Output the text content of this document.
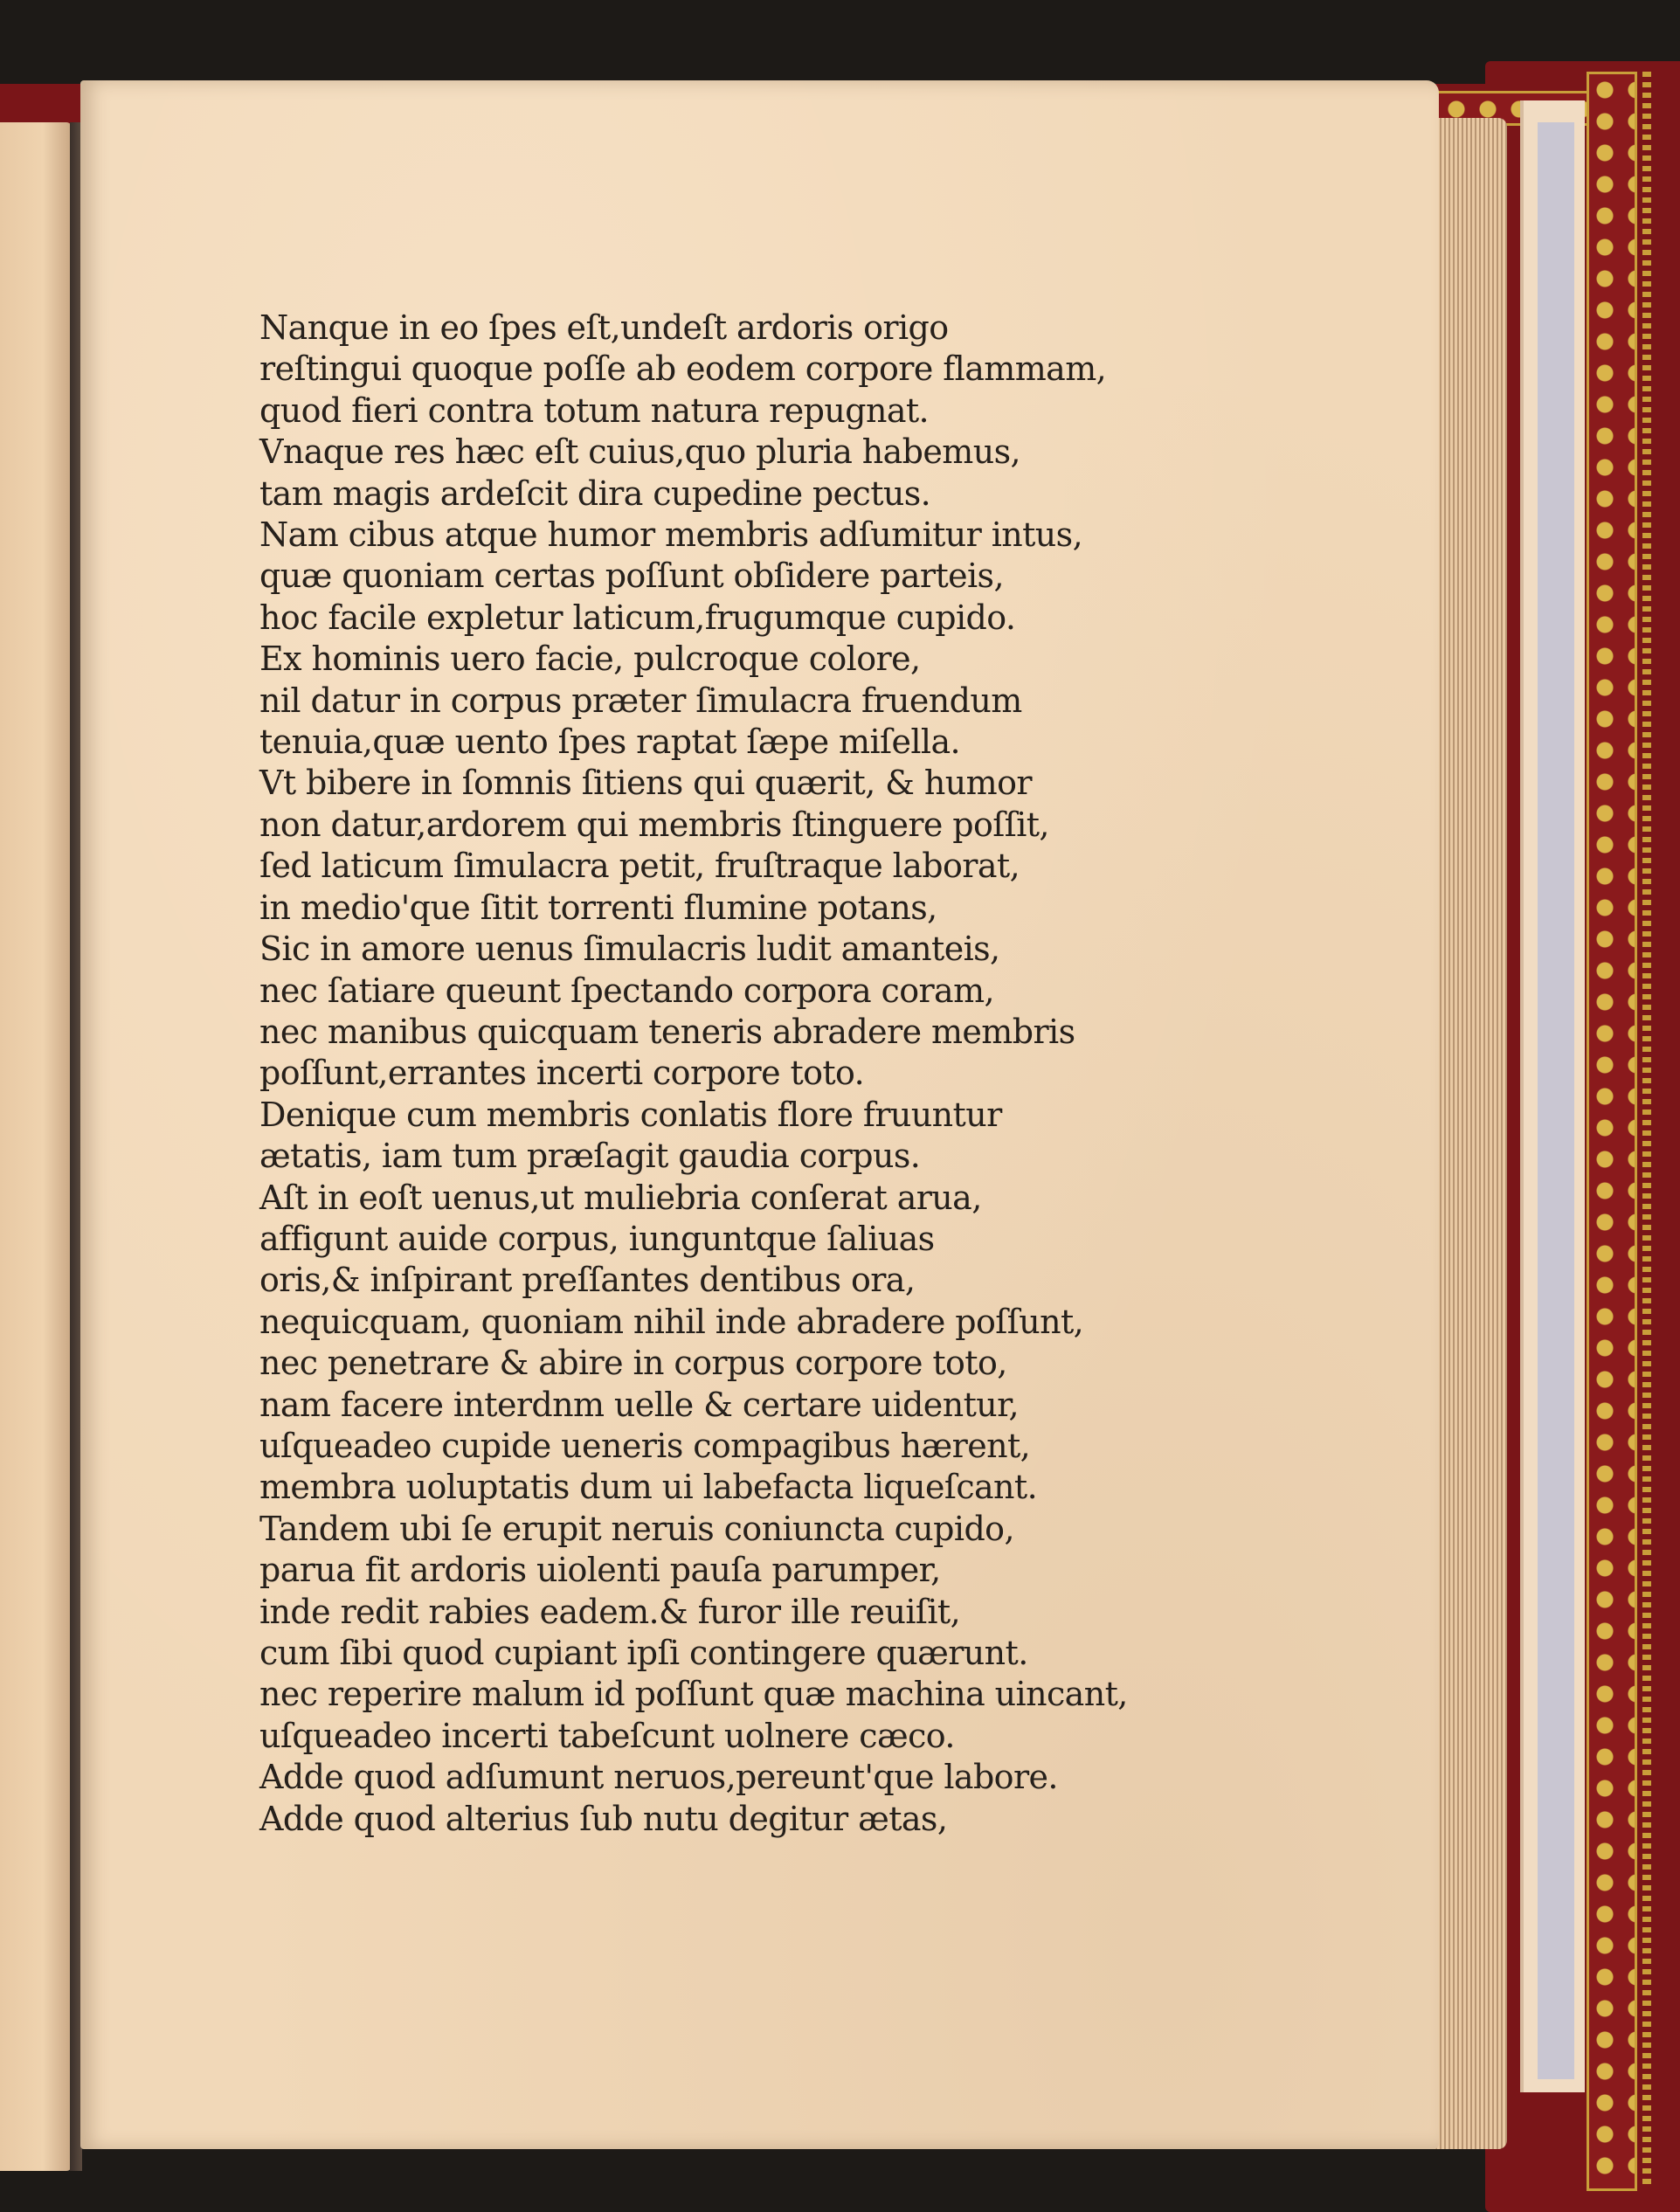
Nanque in eo ſpes eſt,undeſt ardoris origo
reſtingui quoque poſſe ab eodem corpore flammam,
quod fieri contra totum natura repugnat.
Vnaque res hæc eſt cuius,quo pluria habemus,
tam magis ardeſcit dira cupedine pectus.
Nam cibus atque humor membris adſumitur intus,
quæ quoniam certas poſſunt obſidere parteis,
hoc facile expletur laticum,frugumque cupido.
Ex hominis uero facie, pulcroque colore,
nil datur in corpus præter ſimulacra fruendum
tenuia,quæ uento ſpes raptat ſæpe miſella.
Vt bibere in ſomnis ſitiens qui quærit, & humor
non datur,ardorem qui membris ſtinguere poſſit,
ſed laticum ſimulacra petit, fruſtraque laborat,
in medio'que ſitit torrenti flumine potans,
Sic in amore uenus ſimulacris ludit amanteis,
nec ſatiare queunt ſpectando corpora coram,
nec manibus quicquam teneris abradere membris
poſſunt,errantes incerti corpore toto.
Denique cum membris conlatis flore fruuntur
ætatis, iam tum præſagit gaudia corpus.
Aſt in eoſt uenus,ut muliebria conſerat arua,
affigunt auide corpus, iunguntque ſaliuas
oris,& inſpirant preſſantes dentibus ora,
nequicquam, quoniam nihil inde abradere poſſunt,
nec penetrare & abire in corpus corpore toto,
nam facere interdnm uelle & certare uidentur,
uſqueadeo cupide ueneris compagibus hærent,
membra uoluptatis dum ui labefacta liqueſcant.
Tandem ubi ſe erupit neruis coniuncta cupido,
parua fit ardoris uiolenti pauſa parumper,
inde redit rabies eadem.& furor ille reuiſit,
cum ſibi quod cupiant ipſi contingere quærunt.
nec reperire malum id poſſunt quæ machina uincant,
uſqueadeo incerti tabeſcunt uolnere cæco.
Adde quod adſumunt neruos,pereunt'que labore.
Adde quod alterius ſub nutu degitur ætas,
